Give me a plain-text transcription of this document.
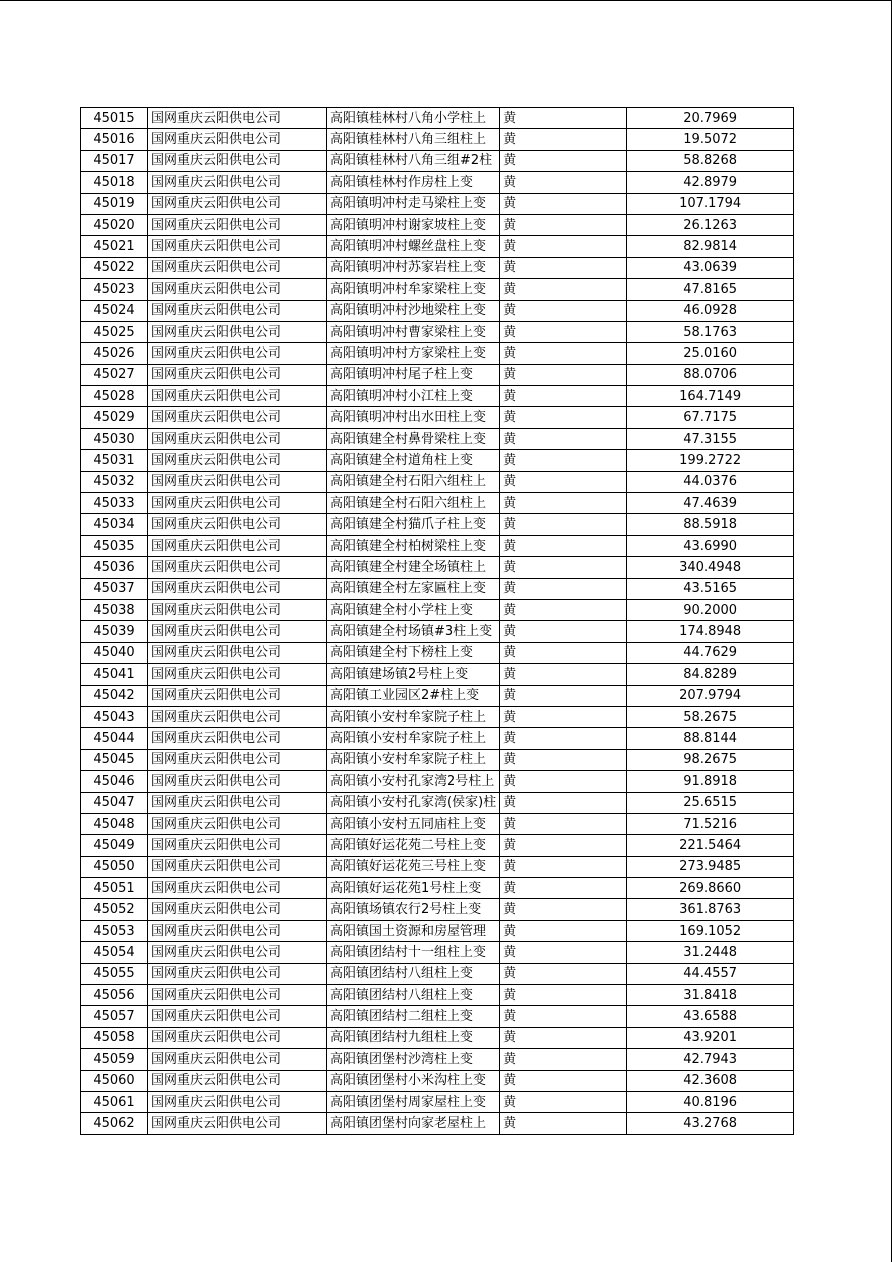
45015	国网重庆云阳供电公司	高阳镇桂林村八角小学柱上	黄	20.7969
45016	国网重庆云阳供电公司	高阳镇桂林村八角三组柱上	黄	19.5072
45017	国网重庆云阳供电公司	高阳镇桂林村八角三组#2柱	黄	58.8268
45018	国网重庆云阳供电公司	高阳镇桂林村作房柱上变	黄	42.8979
45019	国网重庆云阳供电公司	高阳镇明冲村走马梁柱上变	黄	107.1794
45020	国网重庆云阳供电公司	高阳镇明冲村谢家坡柱上变	黄	26.1263
45021	国网重庆云阳供电公司	高阳镇明冲村螺丝盘柱上变	黄	82.9814
45022	国网重庆云阳供电公司	高阳镇明冲村苏家岩柱上变	黄	43.0639
45023	国网重庆云阳供电公司	高阳镇明冲村牟家梁柱上变	黄	47.8165
45024	国网重庆云阳供电公司	高阳镇明冲村沙地梁柱上变	黄	46.0928
45025	国网重庆云阳供电公司	高阳镇明冲村曹家梁柱上变	黄	58.1763
45026	国网重庆云阳供电公司	高阳镇明冲村方家梁柱上变	黄	25.0160
45027	国网重庆云阳供电公司	高阳镇明冲村尾子柱上变	黄	88.0706
45028	国网重庆云阳供电公司	高阳镇明冲村小江柱上变	黄	164.7149
45029	国网重庆云阳供电公司	高阳镇明冲村出水田柱上变	黄	67.7175
45030	国网重庆云阳供电公司	高阳镇建全村鼻骨梁柱上变	黄	47.3155
45031	国网重庆云阳供电公司	高阳镇建全村道角柱上变	黄	199.2722
45032	国网重庆云阳供电公司	高阳镇建全村石阳六组柱上	黄	44.0376
45033	国网重庆云阳供电公司	高阳镇建全村石阳六组柱上	黄	47.4639
45034	国网重庆云阳供电公司	高阳镇建全村猫爪子柱上变	黄	88.5918
45035	国网重庆云阳供电公司	高阳镇建全村柏树梁柱上变	黄	43.6990
45036	国网重庆云阳供电公司	高阳镇建全村建全场镇柱上	黄	340.4948
45037	国网重庆云阳供电公司	高阳镇建全村左家匾柱上变	黄	43.5165
45038	国网重庆云阳供电公司	高阳镇建全村小学柱上变	黄	90.2000
45039	国网重庆云阳供电公司	高阳镇建全村场镇#3柱上变	黄	174.8948
45040	国网重庆云阳供电公司	高阳镇建全村下榜柱上变	黄	44.7629
45041	国网重庆云阳供电公司	高阳镇建场镇2号柱上变	黄	84.8289
45042	国网重庆云阳供电公司	高阳镇工业园区2#柱上变	黄	207.9794
45043	国网重庆云阳供电公司	高阳镇小安村牟家院子柱上	黄	58.2675
45044	国网重庆云阳供电公司	高阳镇小安村牟家院子柱上	黄	88.8144
45045	国网重庆云阳供电公司	高阳镇小安村牟家院子柱上	黄	98.2675
45046	国网重庆云阳供电公司	高阳镇小安村孔家湾2号柱上	黄	91.8918
45047	国网重庆云阳供电公司	高阳镇小安村孔家湾(侯家)柱	黄	25.6515
45048	国网重庆云阳供电公司	高阳镇小安村五同庙柱上变	黄	71.5216
45049	国网重庆云阳供电公司	高阳镇好运花苑二号柱上变	黄	221.5464
45050	国网重庆云阳供电公司	高阳镇好运花苑三号柱上变	黄	273.9485
45051	国网重庆云阳供电公司	高阳镇好运花苑1号柱上变	黄	269.8660
45052	国网重庆云阳供电公司	高阳镇场镇农行2号柱上变	黄	361.8763
45053	国网重庆云阳供电公司	高阳镇国土资源和房屋管理	黄	169.1052
45054	国网重庆云阳供电公司	高阳镇团结村十一组柱上变	黄	31.2448
45055	国网重庆云阳供电公司	高阳镇团结村八组柱上变	黄	44.4557
45056	国网重庆云阳供电公司	高阳镇团结村八组柱上变	黄	31.8418
45057	国网重庆云阳供电公司	高阳镇团结村二组柱上变	黄	43.6588
45058	国网重庆云阳供电公司	高阳镇团结村九组柱上变	黄	43.9201
45059	国网重庆云阳供电公司	高阳镇团堡村沙湾柱上变	黄	42.7943
45060	国网重庆云阳供电公司	高阳镇团堡村小米沟柱上变	黄	42.3608
45061	国网重庆云阳供电公司	高阳镇团堡村周家屋柱上变	黄	40.8196
45062	国网重庆云阳供电公司	高阳镇团堡村向家老屋柱上	黄	43.2768
